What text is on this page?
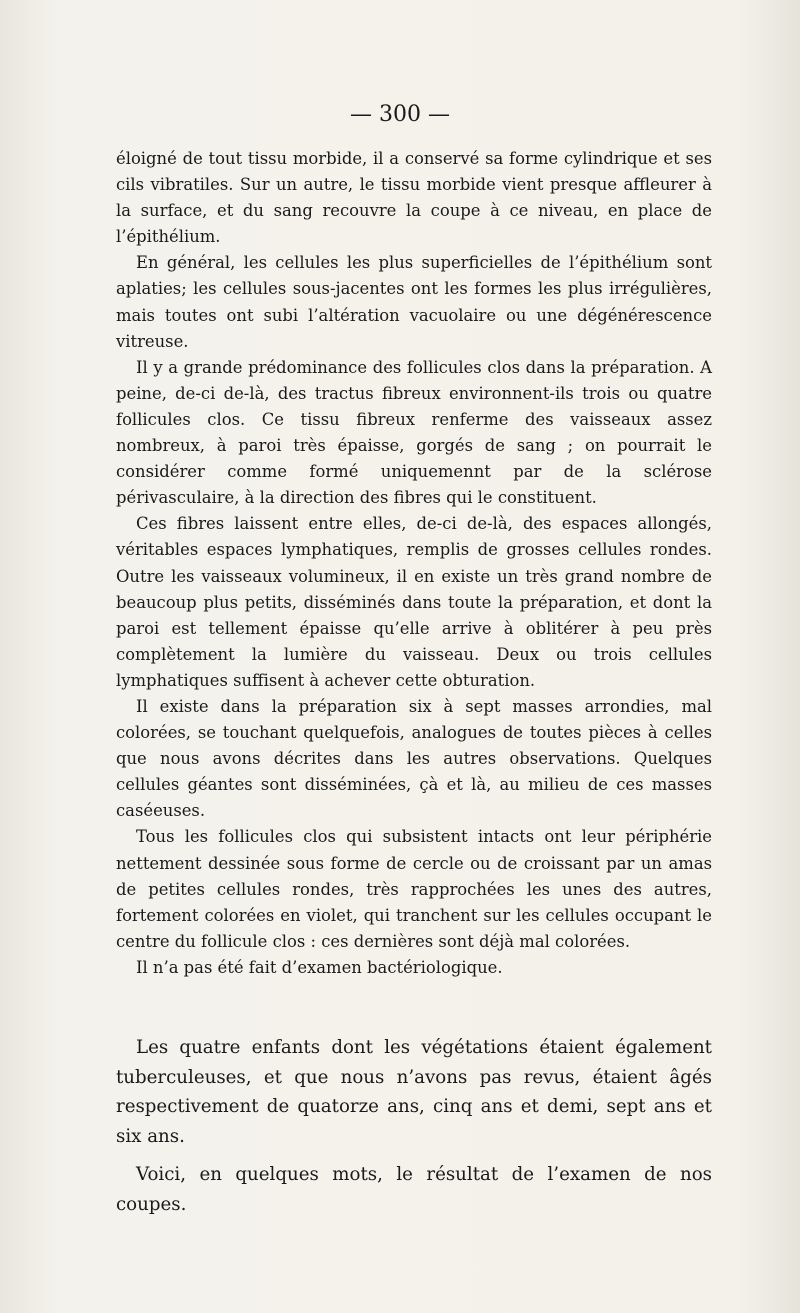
— 300 —

éloigné de tout tissu morbide, il a conservé sa forme cylindrique et ses cils vibratiles. Sur un autre, le tissu morbide vient presque affleurer à la surface, et du sang recouvre la coupe à ce niveau, en place de l’épithélium.

En général, les cellules les plus superficielles de l’épithélium sont aplaties; les cellules sous-jacentes ont les formes les plus irrégulières, mais toutes ont subi l’altération vacuolaire ou une dégénérescence vitreuse.

Il y a grande prédominance des follicules clos dans la préparation. A peine, de-ci de-là, des tractus fibreux environnent-ils trois ou quatre follicules clos. Ce tissu fibreux renferme des vaisseaux assez nombreux, à paroi très épaisse, gorgés de sang ; on pourrait le considérer comme formé uniquemennt par de la sclérose périvasculaire, à la direction des fibres qui le constituent.

Ces fibres laissent entre elles, de-ci de-là, des espaces allongés, véritables espaces lymphatiques, remplis de grosses cellules rondes. Outre les vaisseaux volumineux, il en existe un très grand nombre de beaucoup plus petits, disséminés dans toute la préparation, et dont la paroi est tellement épaisse qu’elle arrive à oblitérer à peu près complètement la lumière du vaisseau. Deux ou trois cellules lymphatiques suffisent à achever cette obturation.

Il existe dans la préparation six à sept masses arrondies, mal colorées, se touchant quelquefois, analogues de toutes pièces à celles que nous avons décrites dans les autres observations. Quelques cellules géantes sont disséminées, çà et là, au milieu de ces masses caséeuses.

Tous les follicules clos qui subsistent intacts ont leur périphérie nettement dessinée sous forme de cercle ou de croissant par un amas de petites cellules rondes, très rapprochées les unes des autres, fortement colorées en violet, qui tranchent sur les cellules occupant le centre du follicule clos : ces dernières sont déjà mal colorées.

Il n’a pas été fait d’examen bactériologique.

Les quatre enfants dont les végétations étaient également tuberculeuses, et que nous n’avons pas revus, étaient âgés respectivement de quatorze ans, cinq ans et demi, sept ans et six ans.

Voici, en quelques mots, le résultat de l’examen de nos coupes.
